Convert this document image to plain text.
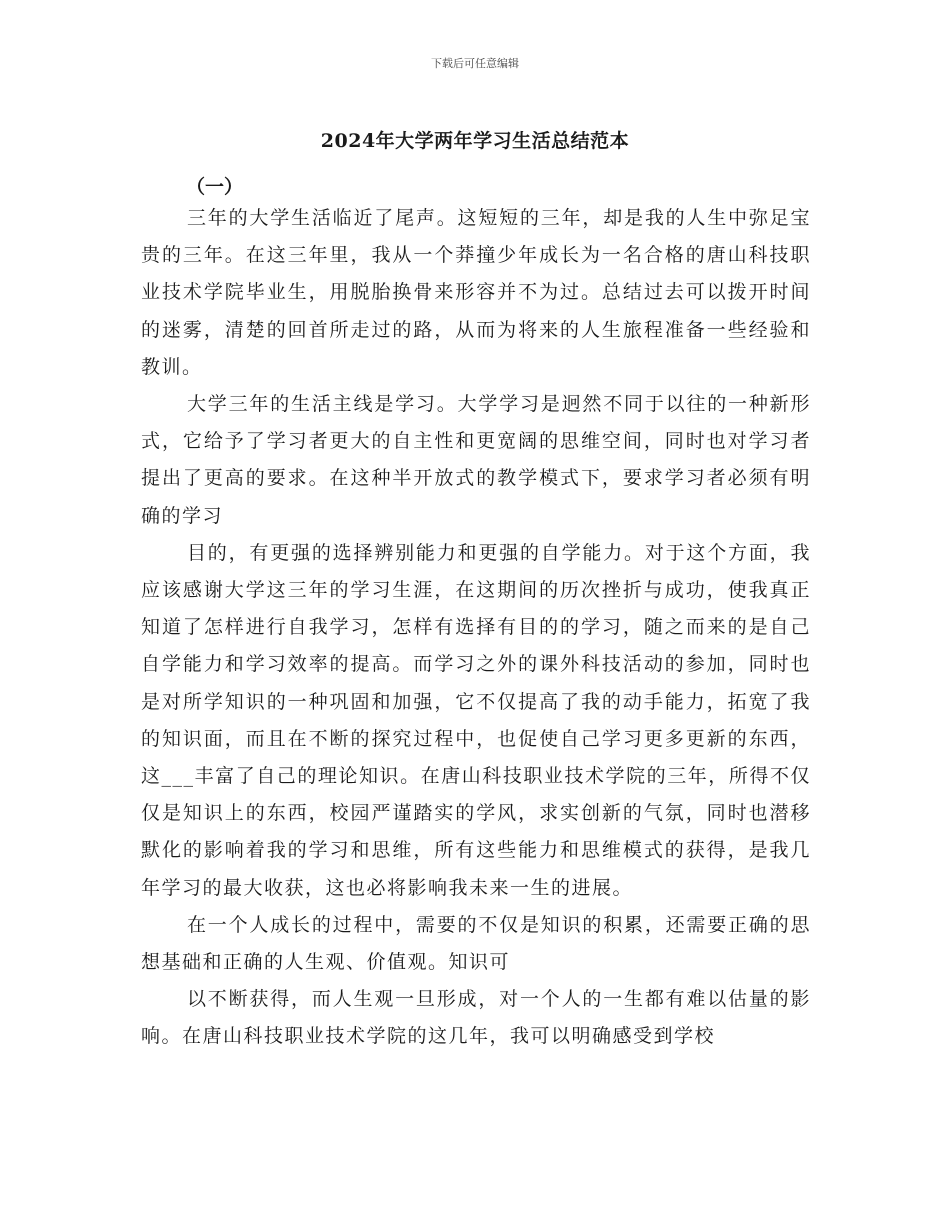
下载后可任意编辑
2024年大学两年学习生活总结范本
（一）

三年的大学生活临近了尾声。这短短的三年，却是我的人生中弥足宝贵的三年。在这三年里，我从一个莽撞少年成长为一名合格的唐山科技职业技术学院毕业生，用脱胎换骨来形容并不为过。总结过去可以拨开时间的迷雾，清楚的回首所走过的路，从而为将来的人生旅程准备一些经验和教训。

大学三年的生活主线是学习。大学学习是迥然不同于以往的一种新形式，它给予了学习者更大的自主性和更宽阔的思维空间，同时也对学习者提出了更高的要求。在这种半开放式的教学模式下，要求学习者必须有明确的学习

目的，有更强的选择辨别能力和更强的自学能力。对于这个方面，我应该感谢大学这三年的学习生涯，在这期间的历次挫折与成功，使我真正知道了怎样进行自我学习，怎样有选择有目的的学习，随之而来的是自己自学能力和学习效率的提高。而学习之外的课外科技活动的参加，同时也是对所学知识的一种巩固和加强，它不仅提高了我的动手能力，拓宽了我的知识面，而且在不断的探究过程中，也促使自己学习更多更新的东西，这___丰富了自己的理论知识。在唐山科技职业技术学院的三年，所得不仅仅是知识上的东西，校园严谨踏实的学风，求实创新的气氛，同时也潜移默化的影响着我的学习和思维，所有这些能力和思维模式的获得，是我几年学习的最大收获，这也必将影响我未来一生的进展。

在一个人成长的过程中，需要的不仅是知识的积累，还需要正确的思想基础和正确的人生观、价值观。知识可

以不断获得，而人生观一旦形成，对一个人的一生都有难以估量的影响。在唐山科技职业技术学院的这几年，我可以明确感受到学校
